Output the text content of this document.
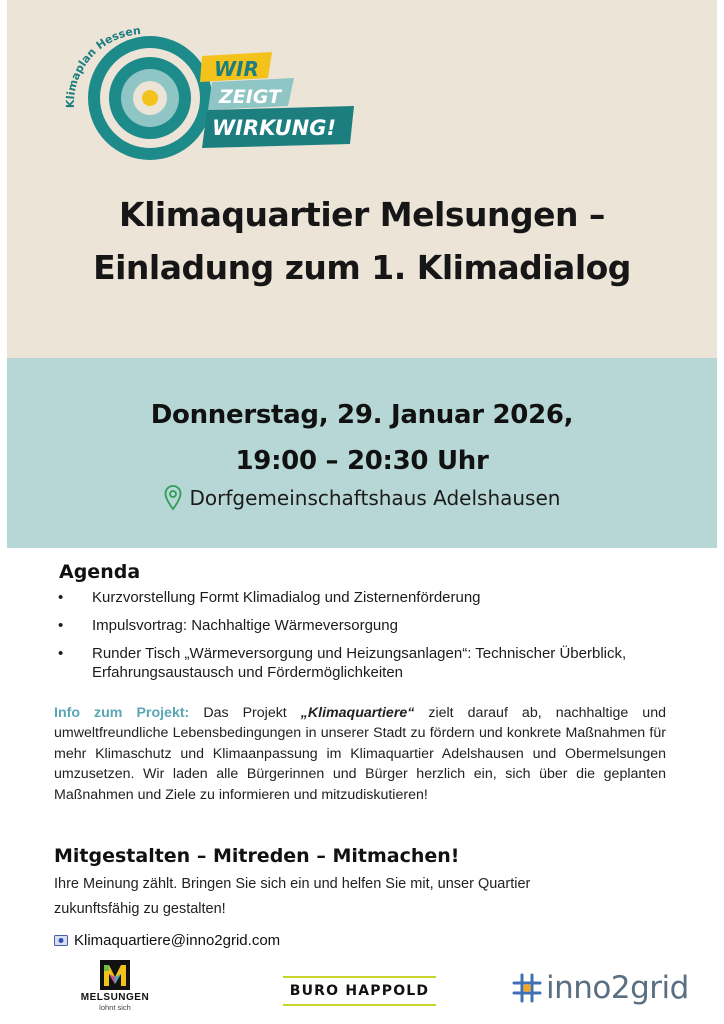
Klimaplan Hessen
WIR
ZEIGT
WIRKUNG!
Klimaquartier Melsungen –
Einladung zum 1. Klimadialog
Donnerstag, 29. Januar 2026,
19:00 – 20:30 Uhr
Dorfgemeinschaftshaus Adelshausen
Agenda
• Kurzvorstellung Formt Klimadialog und Zisternenförderung
• Impulsvortrag: Nachhaltige Wärmeversorgung
• Runder Tisch „Wärmeversorgung und Heizungsanlagen“: Technischer Überblick, Erfahrungsaustausch und Fördermöglichkeiten

Info zum Projekt: Das Projekt „Klimaquartiere“ zielt darauf ab, nachhaltige und umweltfreundliche Lebensbedingungen in unserer Stadt zu fördern und konkrete Maßnahmen für mehr Klimaschutz und Klimaanpassung im Klimaquartier Adelshausen und Obermelsungen umzusetzen. Wir laden alle Bürgerinnen und Bürger herzlich ein, sich über die geplanten Maßnahmen und Ziele zu informieren und mitzudiskutieren!

Mitgestalten – Mitreden – Mitmachen!
Ihre Meinung zählt. Bringen Sie sich ein und helfen Sie mit, unser Quartier zukunftsfähig zu gestalten!
Klimaquartiere@inno2grid.com
MELSUNGEN
lohnt sich
BURO HAPPOLD	inno2grid
